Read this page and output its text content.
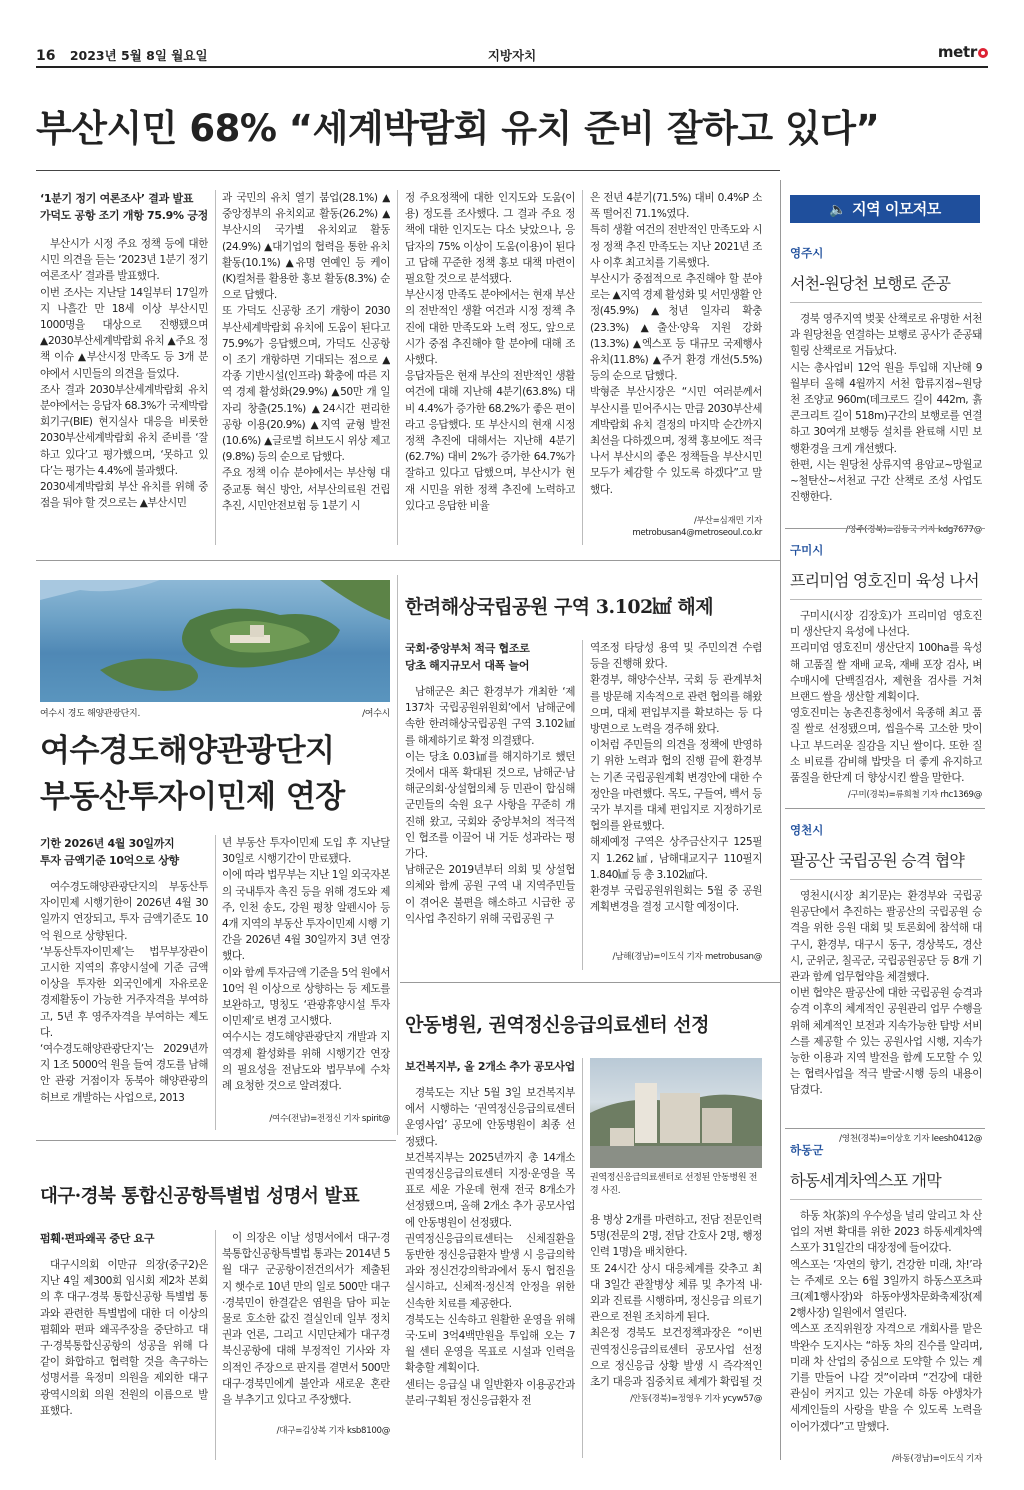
16 2023년 5월 8일 월요일	지방자치	metr
부산시민 68% “세계박람회 유치 준비 잘하고 있다”
‘1분기 정기 여론조사’ 결과 발표
가덕도 공항 조기 개항 75.9% 긍정

부산시가 시정 주요 정책 등에 대한 시민 의견을 듣는 ‘2023년 1분기 정기 여론조사’ 결과를 발표했다.
이번 조사는 지난달 14일부터 17일까지 나흘간 만 18세 이상 부산시민 1000명을 대상으로 진행됐으며 ▲2030부산세계박람회 유치 ▲주요 정책 이슈 ▲부산시정 만족도 등 3개 분야에서 시민들의 의견을 들었다.
조사 결과 2030부산세계박람회 유치 분야에서는 응답자 68.3%가 국제박람회기구(BIE) 현지실사 대응을 비롯한 2030부산세계박람회 유치 준비를 ‘잘하고 있다’고 평가했으며, ‘못하고 있다’는 평가는 4.4%에 불과했다.
2030세계박람회 부산 유치를 위해 중점을 둬야 할 것으로는 ▲부산시민

과 국민의 유치 열기 붐업(28.1%) ▲중앙정부의 유치외교 활동(26.2%) ▲부산시의 국가별 유치외교 활동(24.9%) ▲대기업의 협력을 통한 유치 활동(10.1%) ▲유명 연예인 등 케이(K)컬처를 활용한 홍보 활동(8.3%) 순으로 답했다.
또 가덕도 신공항 조기 개항이 2030 부산세계박람회 유치에 도움이 된다고 75.9%가 응답했으며, 가덕도 신공항이 조기 개항하면 기대되는 점으로 ▲각종 기반시설(인프라) 확충에 따른 지역 경제 활성화(29.9%) ▲50만 개 일자리 창출(25.1%) ▲24시간 편리한 공항 이용(20.9%) ▲지역 균형 발전(10.6%) ▲글로벌 허브도시 위상 제고(9.8%) 등의 순으로 답했다.
주요 정책 이슈 분야에서는 부산형 대중교통 혁신 방안, 서부산의료원 건립 추진, 시민안전보험 등 1분기 시

정 주요정책에 대한 인지도와 도움(이용) 정도를 조사했다. 그 결과 주요 정책에 대한 인지도는 다소 낮았으나, 응답자의 75% 이상이 도움(이용)이 된다고 답해 꾸준한 정책 홍보 대책 마련이 필요할 것으로 분석됐다.
부산시정 만족도 분야에서는 현재 부산의 전반적인 생활 여건과 시정 정책 추진에 대한 만족도와 노력 정도, 앞으로 시가 중점 추진해야 할 분야에 대해 조사했다.
응답자들은 현재 부산의 전반적인 생활 여건에 대해 지난해 4분기(63.8%) 대비 4.4%가 증가한 68.2%가 좋은 편이라고 응답했다. 또 부산시의 현재 시정정책 추진에 대해서는 지난해 4분기(62.7%) 대비 2%가 증가한 64.7%가 잘하고 있다고 답했으며, 부산시가 현재 시민을 위한 정책 추진에 노력하고 있다고 응답한 비율

은 전년 4분기(71.5%) 대비 0.4%P 소폭 떨어진 71.1%였다.
특히 생활 여건의 전반적인 만족도와 시정 정책 추진 만족도는 지난 2021년 조사 이후 최고치를 기록했다.
부산시가 중점적으로 추진해야 할 분야로는 ▲지역 경제 활성화 및 서민생활 안정(45.9%) ▲청년 일자리 확충(23.3%) ▲출산·양육 지원 강화(13.3%) ▲엑스포 등 대규모 국제행사 유치(11.8%) ▲주거 환경 개선(5.5%) 등의 순으로 답했다.
박형준 부산시장은 “시민 여러분께서 부산시를 믿어주시는 만큼 2030부산세계박람회 유치 결정의 마지막 순간까지 최선을 다하겠으며, 정책 홍보에도 적극 나서 부산시의 좋은 정책들을 부산시민 모두가 체감할 수 있도록 하겠다”고 말했다.

/부산=심재민 기자
metrobusan4@metroseoul.co.kr
여수시 경도 해양관광단지.	/여수시
여수경도해양관광단지
부동산투자이민제 연장
기한 2026년 4월 30일까지
투자 금액기준 10억으로 상향

여수경도해양관광단지의 부동산투자이민제 시행기한이 2026년 4월 30일까지 연장되고, 투자 금액기준도 10억 원으로 상향된다.
‘부동산투자이민제’는 법무부장관이 고시한 지역의 휴양시설에 기준 금액 이상을 투자한 외국인에게 자유로운 경제활동이 가능한 거주자격을 부여하고, 5년 후 영주자격을 부여하는 제도다.
‘여수경도해양관광단지’는 2029년까지 1조 5000억 원을 들여 경도를 남해안 관광 거점이자 동북아 해양관광의 허브로 개발하는 사업으로, 2013

년 부동산 투자이민제 도입 후 지난달 30일로 시행기간이 만료됐다.
이에 따라 법무부는 지난 1일 외국자본의 국내투자 촉진 등을 위해 경도와 제주, 인천 송도, 강원 평창 알펜시아 등 4개 지역의 부동산 투자이민제 시행 기간을 2026년 4월 30일까지 3년 연장했다.
이와 함께 투자금액 기준을 5억 원에서 10억 원 이상으로 상향하는 등 제도를 보완하고, 명칭도 ‘관광휴양시설 투자이민제’로 변경 고시했다.
여수시는 경도해양관광단지 개발과 지역경제 활성화를 위해 시행기간 연장의 필요성을 전남도와 법무부에 수차례 요청한 것으로 알려졌다.

/여수(전남)=전정신 기자 spirit@
한려해상국립공원 구역 3.102㎢ 해제
국회·중앙부처 적극 협조로
당초 해지규모서 대폭 늘어

남해군은 최근 환경부가 개최한 ‘제137차 국립공원위원회’에서 남해군에 속한 한려해상국립공원 구역 3.102㎢를 해제하기로 확정 의결됐다.
이는 당초 0.03㎢를 해지하기로 했던 것에서 대폭 확대된 것으로, 남해군·남해군의회·상설협의체 등 민관이 합심해 군민들의 숙원 요구 사항을 꾸준히 개진해 왔고, 국회와 중앙부처의 적극적인 협조를 이끌어 내 거둔 성과라는 평가다.
남해군은 2019년부터 의회 및 상설협의체와 함께 공원 구역 내 지역주민들이 겪어온 불편을 해소하고 시급한 공익사업 추진하기 위해 국립공원 구

역조정 타당성 용역 및 주민의견 수렴 등을 진행해 왔다.
환경부, 해양수산부, 국회 등 관계부처를 방문해 지속적으로 관련 협의를 해왔으며, 대체 편입부지를 확보하는 등 다방면으로 노력을 경주해 왔다.
이처럼 주민들의 의견을 정책에 반영하기 위한 노력과 협의 진행 끝에 환경부는 기존 국립공원계획 변경안에 대한 수정안을 마련했다. 목도, 구들여, 백서 등 국가 부지를 대체 편입지로 지정하기로 협의를 완료했다.
해제예정 구역은 상주금산지구 125필지 1.262㎢, 남해대교지구 110필지 1.840㎢ 등 총 3.102㎢다.
환경부 국립공원위원회는 5월 중 공원계획변경을 결정 고시할 예정이다.

/남해(경남)=이도식 기자 metrobusan@
안동병원, 권역정신응급의료센터 선정
보건복지부, 올 2개소 추가 공모사업

경북도는 지난 5월 3일 보건복지부에서 시행하는 ‘권역정신응급의료센터 운영사업’ 공모에 안동병원이 최종 선정됐다.
보건복지부는 2025년까지 총 14개소 권역정신응급의료센터 지정·운영을 목표로 세운 가운데 현재 전국 8개소가 선정됐으며, 올해 2개소 추가 공모사업에 안동병원이 선정됐다.
권역정신응급의료센터는 신체질환을 동반한 정신응급환자 발생 시 응급의학과와 정신건강의학과에서 동시 협진을 실시하고, 신체적·정신적 안정을 위한 신속한 치료를 제공한다.
경북도는 신속하고 원활한 운영을 위해 국·도비 3억4백만원을 투입해 오는 7월 센터 운영을 목표로 시설과 인력을 확충할 계획이다.
센터는 응급실 내 일반환자 이용공간과 분리·구획된 정신응급환자 전

권역정신응급의료센터로 선정된 안동병원 전경 사진.

용 병상 2개를 마련하고, 전담 전문인력 5명(전문의 2명, 전담 간호사 2명, 행정인력 1명)을 배치한다.
또 24시간 상시 대응체계를 갖추고 최대 3일간 관찰병상 체류 및 추가적 내·외과 진료를 시행하며, 정신응급 의료기관으로 전원 조치하게 된다.
최은정 경북도 보건정책과장은 “이번 권역정신응급의료센터 공모사업 선정으로 정신응급 상황 발생 시 즉각적인 초기 대응과 집중치료 체계가 확립될 것

/안동(경북)=정영우 기자 ycyw57@
대구·경북 통합신공항특별법 성명서 발표
펌훼·편파왜곡 중단 요구

대구시의회 이만규 의장(중구2)은 지난 4일 제300회 임시회 제2차 본회의 후 대구·경북 통합신공항 특별법 통과와 관련한 특별법에 대한 더 이상의 폄훼와 편파 왜곡주장을 중단하고 대구·경북통합신공항의 성공을 위해 다같이 화합하고 협력할 것을 촉구하는 성명서를 육정미 의원을 제외한 대구광역시의회 의원 전원의 이름으로 발표했다.

이 의장은 이날 성명서에서 대구·경북통합신공항특별법 통과는 2014년 5월 대구 군공항이전건의서가 제출된 지 햇수로 10년 만의 일로 500만 대구·경북민이 한결같은 염원을 담아 피눈물로 호소한 값진 결실인데 일부 정치권과 언론, 그리고 시민단체가 대구경북신공항에 대해 부정적인 기사와 자의적인 주장으로 판지를 곁면서 500만 대구·경북민에게 불안과 새로운 혼란을 부추기고 있다고 주장했다.

/대구=김상복 기자 ksb8100@
🔈 지역 이모저모
영주시
서천-원당천 보행로 준공

경북 영주지역 벚꽃 산책로로 유명한 서천과 원당천을 연결하는 보행로 공사가 준공돼 힐링 산책로로 거듭났다.
시는 총사업비 12억 원을 투입해 지난해 9월부터 올해 4월까지 서천 합류지점~원당천 조양교 960m(데크로드 길이 442m, 흙콘크리트 길이 518m)구간의 보행로를 연결하고 30여개 보행등 설치를 완료해 시민 보행환경을 크게 개선했다.
한편, 시는 원당천 상류지역 용암교~망월교~철탄산~서천교 구간 산책로 조성 사업도 진행한다.

/영주(경북)=김동국 기자 kdg7677@
구미시
프리미엄 영호진미 육성 나서

구미시(시장 김장호)가 프리미엄 영호진미 생산단지 육성에 나선다.
프리미엄 영호진미 생산단지 100ha를 육성해 고품질 쌀 재배 교육, 재배 포장 검사, 벼 수매시에 단백질검사, 제현율 검사를 거쳐 브랜드 쌀을 생산할 계획이다.
영호진미는 농촌진흥청에서 육종해 최고 품질 쌀로 선정됐으며, 씹을수록 고소한 맛이 나고 부드러운 질감을 지닌 쌀이다. 또한 질소 비료를 감비해 밥맛을 더 좋게 유지하고 품질을 한단계 더 향상시킨 쌀을 말한다.

/구미(경북)=류희철 기자 rhc1369@
영천시
팔공산 국립공원 승격 협약

영천시(시장 최기문)는 환경부와 국립공원공단에서 추진하는 팔공산의 국립공원 승격을 위한 응원 대회 및 토론회에 참석해 대구시, 환경부, 대구시 동구, 경상북도, 경산시, 군위군, 칠곡군, 국립공원공단 등 8개 기관과 함께 업무협약을 체결했다.
이번 협약은 팔공산에 대한 국립공원 승격과 승격 이후의 체계적인 공원관리 업무 수행을 위해 체계적인 보전과 지속가능한 탐방 서비스를 제공할 수 있는 공원사업 시행, 지속가능한 이용과 지역 발전을 함께 도모할 수 있는 협력사업을 적극 발굴·시행 등의 내용이 담겼다.

/영천(경북)=이상호 기자 leesh0412@
하동군
하동세계차엑스포 개막

하동 차(茶)의 우수성을 널리 알리고 차 산업의 저변 확대를 위한 2023 하동세계차엑스포가 31일간의 대장정에 들어갔다.
엑스포는 ‘자연의 향기, 건강한 미래, 차!’라는 주제로 오는 6월 3일까지 하동스포츠파크(제1행사장)와 하동야생차문화축제장(제2행사장) 일원에서 열린다.
엑스포 조직위원장 자격으로 개회사를 맡은 박완수 도지사는 “하동 차의 진수를 알리며, 미래 차 산업의 중심으로 도약할 수 있는 계기를 만들어 나갈 것”이라며 “건강에 대한 관심이 커지고 있는 가운데 하동 야생차가 세계인들의 사랑을 받을 수 있도록 노력을 이어가겠다”고 말했다.

/하동(경남)=이도식 기자
